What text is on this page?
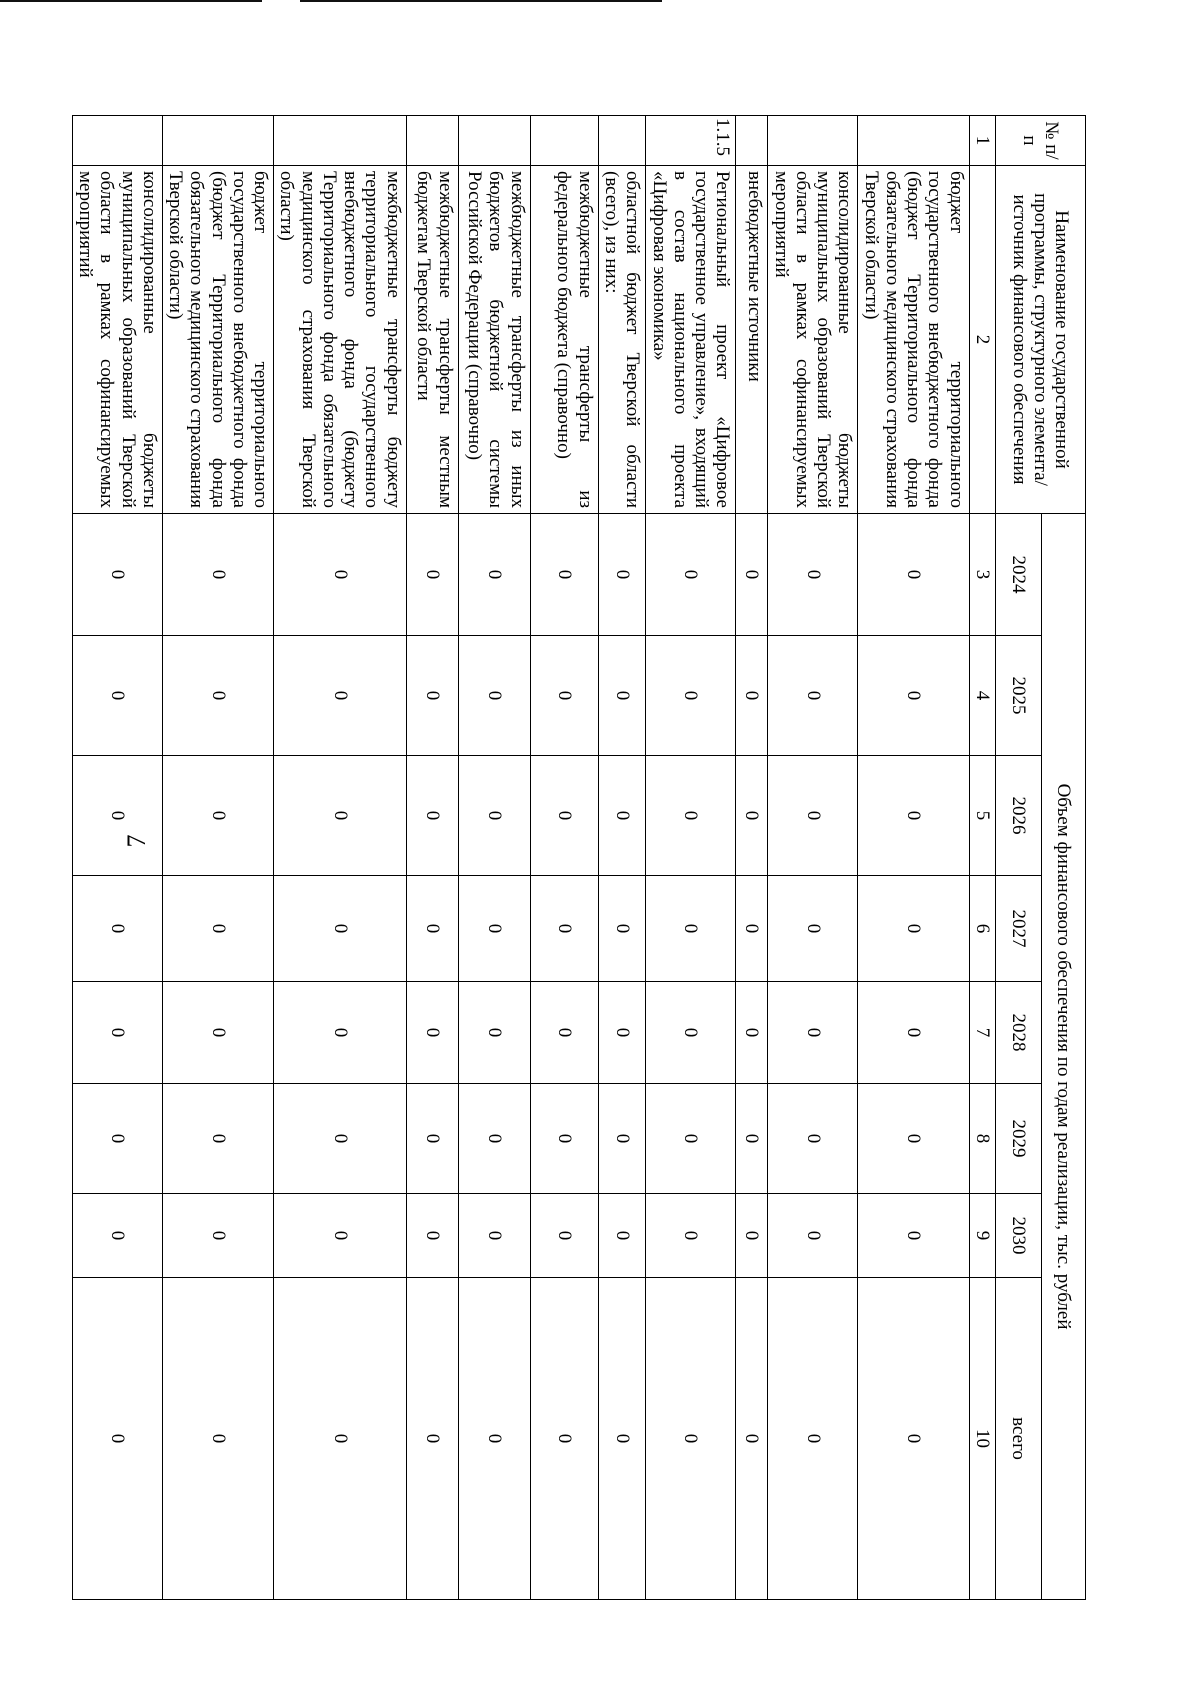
7
№ п/п	Наименование государственной программы, структурного элемента/источник финансового обеспечения	Объем финансового обеспечения по годам реализации, тыс. рублей							
		2024	2025	2026	2027	2028	2029	2030	всего
1	2	3	4	5	6	7	8	9	10
	бюджет территориального государственного внебюджетного фонда (бюджет Территориального фонда обязательного медицинского страхования Тверской области)	0	0	0	0	0	0	0	0
	консолидированные бюджеты муниципальных образований Тверской области в рамках софинансируемых мероприятий	0	0	0	0	0	0	0	0
	внебюджетные источники	0	0	0	0	0	0	0	0
1.1.5	Региональный проект «Цифровое государственное управление», входящий в состав национального проекта «Цифровая экономика»	0	0	0	0	0	0	0	0
	областной бюджет Тверской области (всего), из них:	0	0	0	0	0	0	0	0
	межбюджетные трансферты из федерального бюджета (справочно)	0	0	0	0	0	0	0	0
	межбюджетные трансферты из иных бюджетов бюджетной системы Российской Федерации (справочно)	0	0	0	0	0	0	0	0
	межбюджетные трансферты местным бюджетам Тверской области	0	0	0	0	0	0	0	0
	межбюджетные трансферты бюджету территориального государственного внебюджетного фонда (бюджету Территориального фонда обязательного медицинского страхования Тверской области)	0	0	0	0	0	0	0	0
	бюджет территориального государственного внебюджетного фонда (бюджет Территориального фонда обязательного медицинского страхования Тверской области)	0	0	0	0	0	0	0	0
	консолидированные бюджеты муниципальных образований Тверской области в рамках софинансируемых мероприятий	0	0	0	0	0	0	0	0
